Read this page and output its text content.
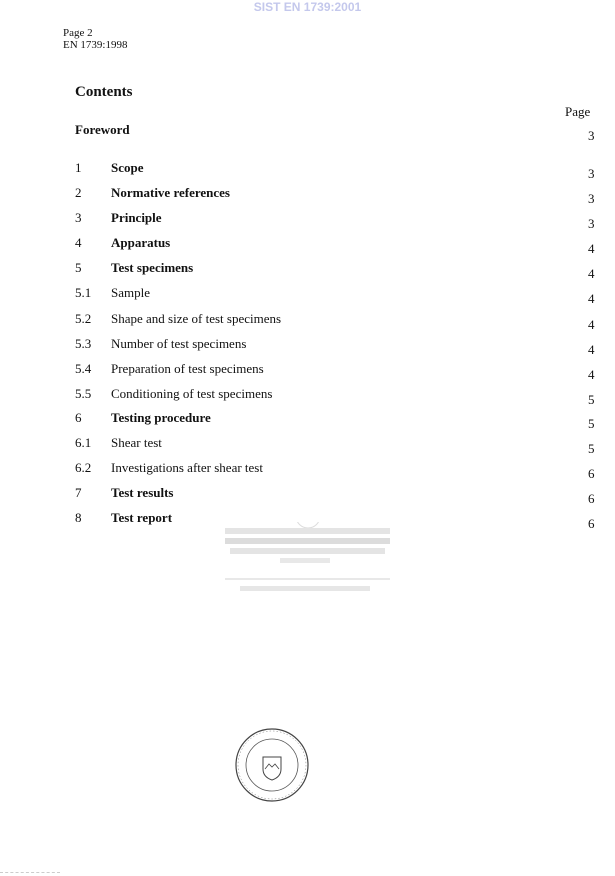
SIST EN 1739:2001
Page 2
EN 1739:1998
Contents
Page
Foreword	3
1 Scope	3
2 Normative references	3
3 Principle	3
4 Apparatus	4
5 Test specimens	4
5.1 Sample	4
5.2 Shape and size of test specimens	4
5.3 Number of test specimens	4
5.4 Preparation of test specimens	4
5.5 Conditioning of test specimens	5
6 Testing procedure	5
6.1 Shear test	5
6.2 Investigations after shear test	6
7 Test results	6
8 Test report	6
